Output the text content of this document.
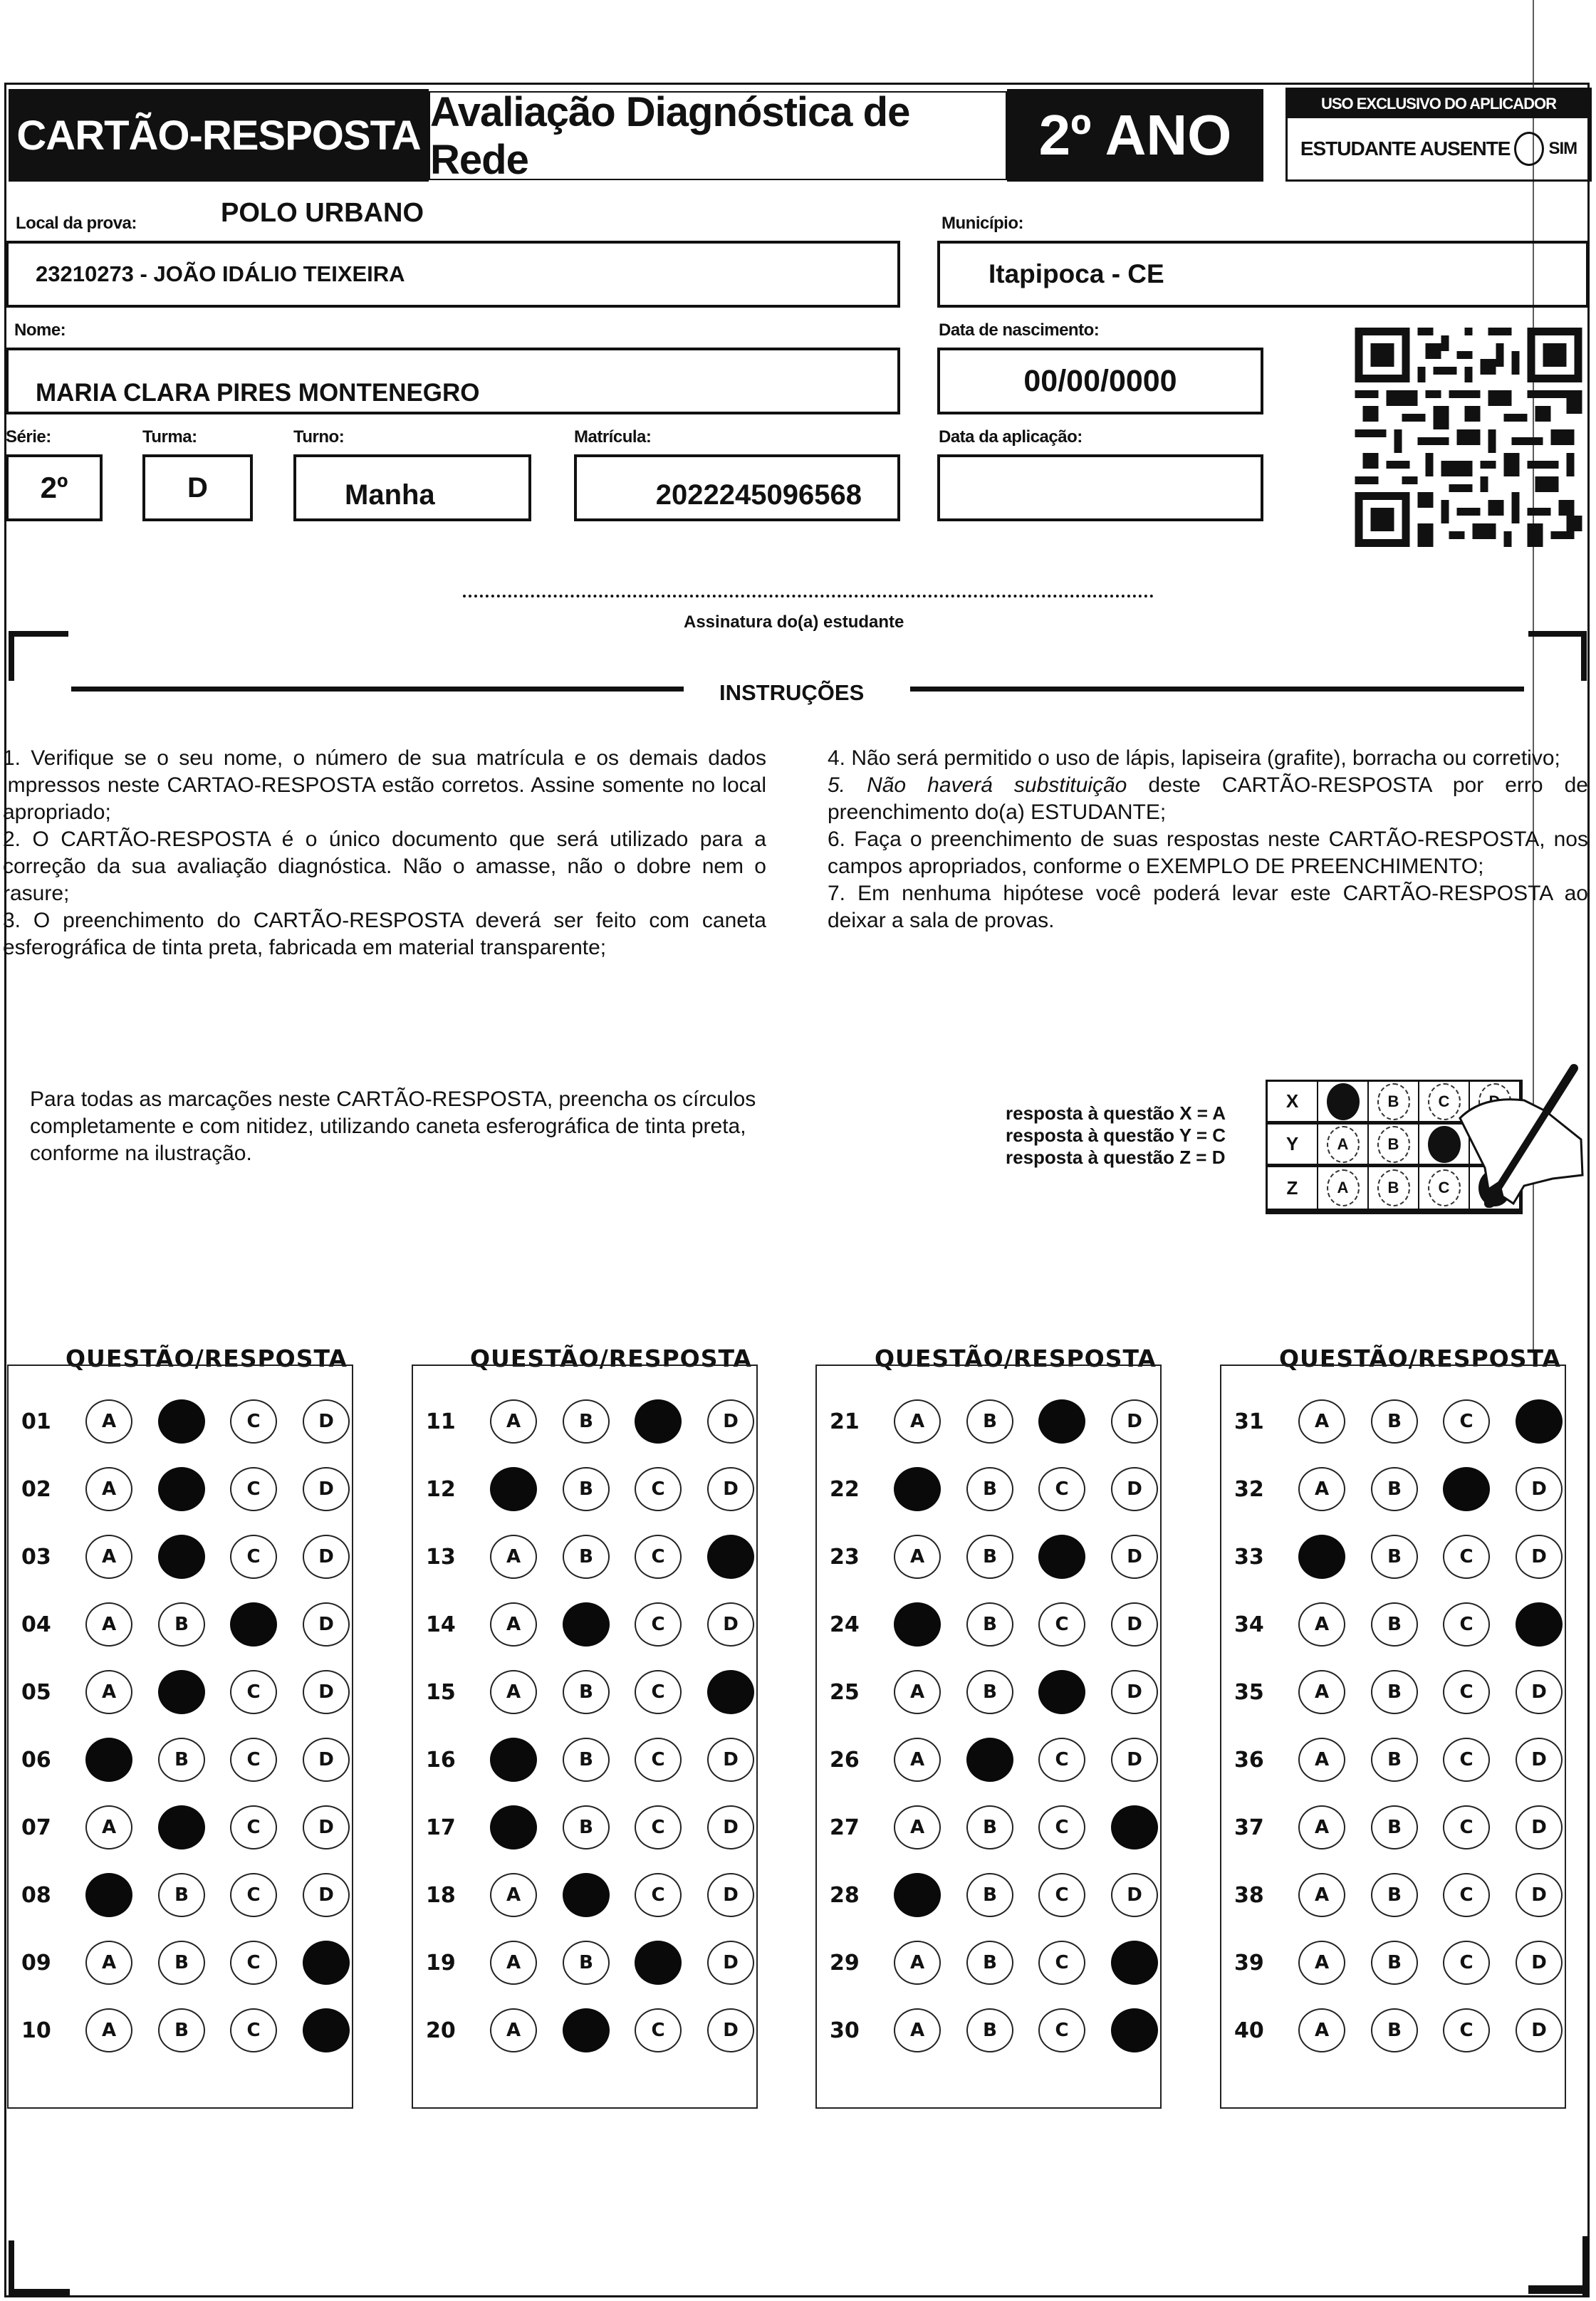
CARTÃO-RESPOSTA
Avaliação Diagnóstica de Rede	2º ANO	USO EXCLUSIVO DO APLICADOR
ESTUDANTE AUSENTE SIM
Local da prova:	POLO URBANO
23210273 - JOÃO IDÁLIO TEIXEIRA
Município:
Itapipoca - CE
Nome:
MARIA CLARA PIRES MONTENEGRO
Data de nascimento:
00/00/0000
Série:
2º
Turma:
D
Turno:
Manha
Matrícula:
2022245096568
Data da aplicação:
Assinatura do(a) estudante
INSTRUÇÕES

1. Verifique se o seu nome, o número de sua matrícula e os demais dados impressos neste CARTAO-RESPOSTA estão corretos. Assine somente no local apropriado;

2. O CARTÃO-RESPOSTA é o único documento que será utilizado para a correção da sua avaliação diagnóstica. Não o amasse, não o dobre nem o rasure;

3. O preenchimento do CARTÃO-RESPOSTA deverá ser feito com caneta esferográfica de tinta preta, fabricada em material transparente;

4. Não será permitido o uso de lápis, lapiseira (grafite), borracha ou corretivo;

5. Não haverá substituição deste CARTÃO-RESPOSTA por erro de preenchimento do(a) ESTUDANTE;

6. Faça o preenchimento de suas respostas neste CARTÃO-RESPOSTA, nos campos apropriados, conforme o EXEMPLO DE PREENCHIMENTO;

7. Em nenhuma hipótese você poderá levar este CARTÃO-RESPOSTA ao deixar a sala de provas.

Para todas as marcações neste CARTÃO-RESPOSTA, preencha os círculos completamente e com nitidez, utilizando caneta esferográfica de tinta preta, conforme na ilustração.
resposta à questão X = A
resposta à questão Y = C
resposta à questão Z = D
X	B	C
Y	A	B
Z	A	B	C
QUESTÃO/RESPOSTA
01	A	C	D
02	A	C	D
03	A	C	D
04	A	B	D
05	A	C	D
06	B	C	D
07	A	C	D
08	B	C	D
09	A	B	C
10	A	B	C
QUESTÃO/RESPOSTA
11	A	B	D
12	B	C	D
13	A	B	C
14	A	C	D
15	A	B	C
16	B	C	D
17	B	C	D
18	A	C	D
19	A	B	D
20	A	C	D
QUESTÃO/RESPOSTA
21	A	B	D
22	B	C	D
23	A	B	D
24	B	C	D
25	A	B	D
26	A	C	D
27	A	B	C
28	B	C	D
29	A	B	C
30	A	B	C
QUESTÃO/RESPOSTA
31	A	B	C
32	A	B	D
33	B	C	D
34	A	B	C
35	A	B	C	D
36	A	B	C	D
37	A	B	C	D
38	A	B	C	D
39	A	B	C	D
40	A	B	C	D
